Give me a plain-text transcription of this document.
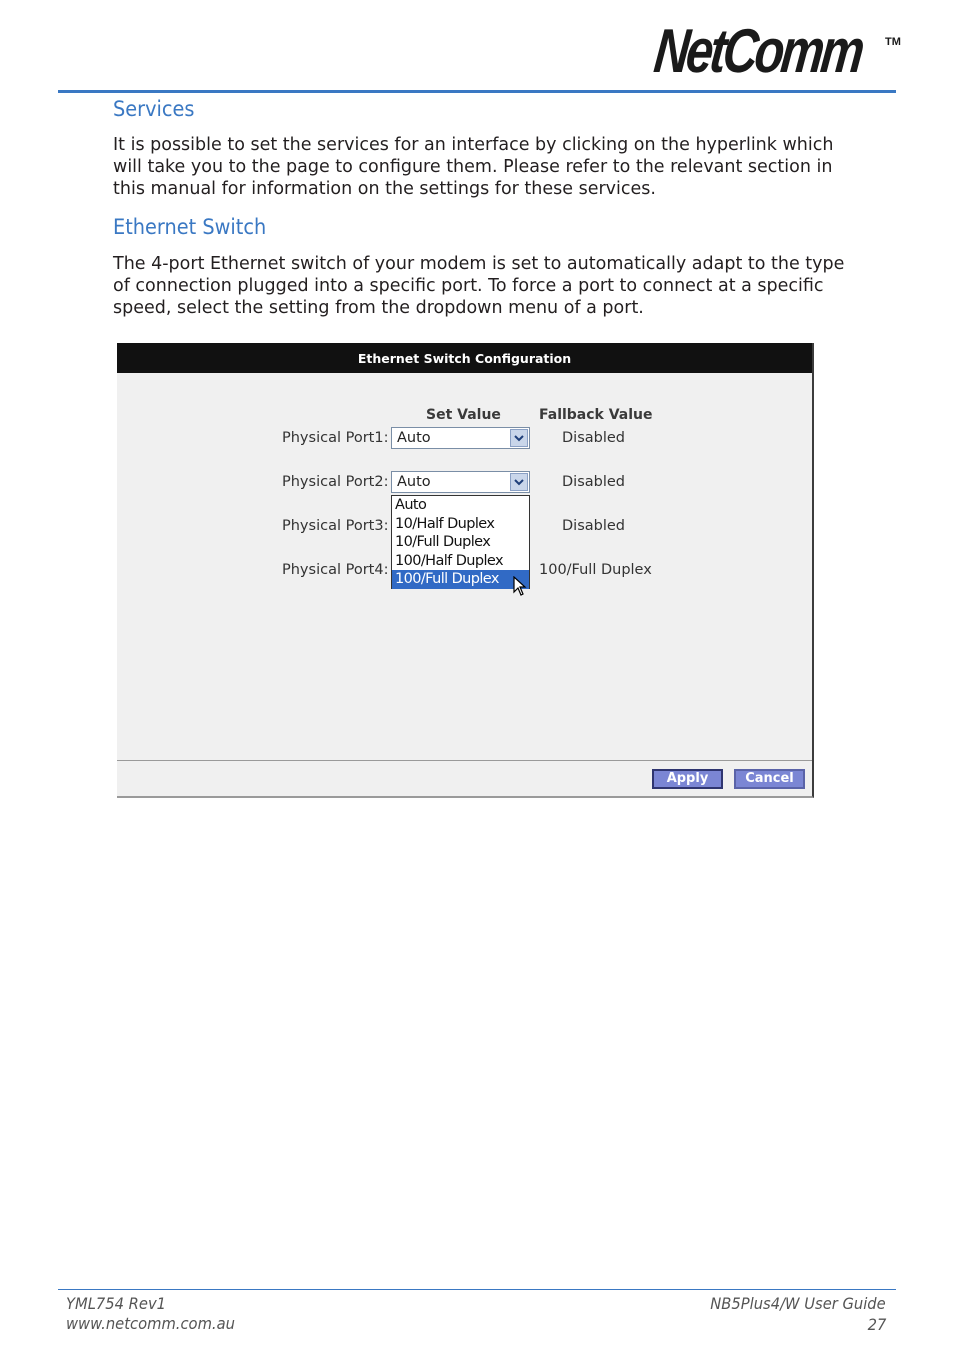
NetComm TM
Services

It is possible to set the services for an interface by clicking on the hyperlink which
will take you to the page to configure them. Please refer to the relevant section in
this manual for information on the settings for these services.

Ethernet Switch

The 4-port Ethernet switch of your modem is set to automatically adapt to the type
of connection plugged into a specific port. To force a port to connect at a specific
speed, select the setting from the dropdown menu of a port.

Ethernet Switch Configuration
Set Value	Fallback Value
Physical Port1: Auto	Disabled
Physical Port2: Auto	Disabled
Physical Port3:	Disabled
Physical Port4:	100/Full Duplex
Auto
10/Half Duplex
10/Full Duplex
100/Half Duplex
100/Full Duplex
Apply	Cancel
YML754 Rev1
www.netcomm.com.au
NB5Plus4/W User Guide
27
